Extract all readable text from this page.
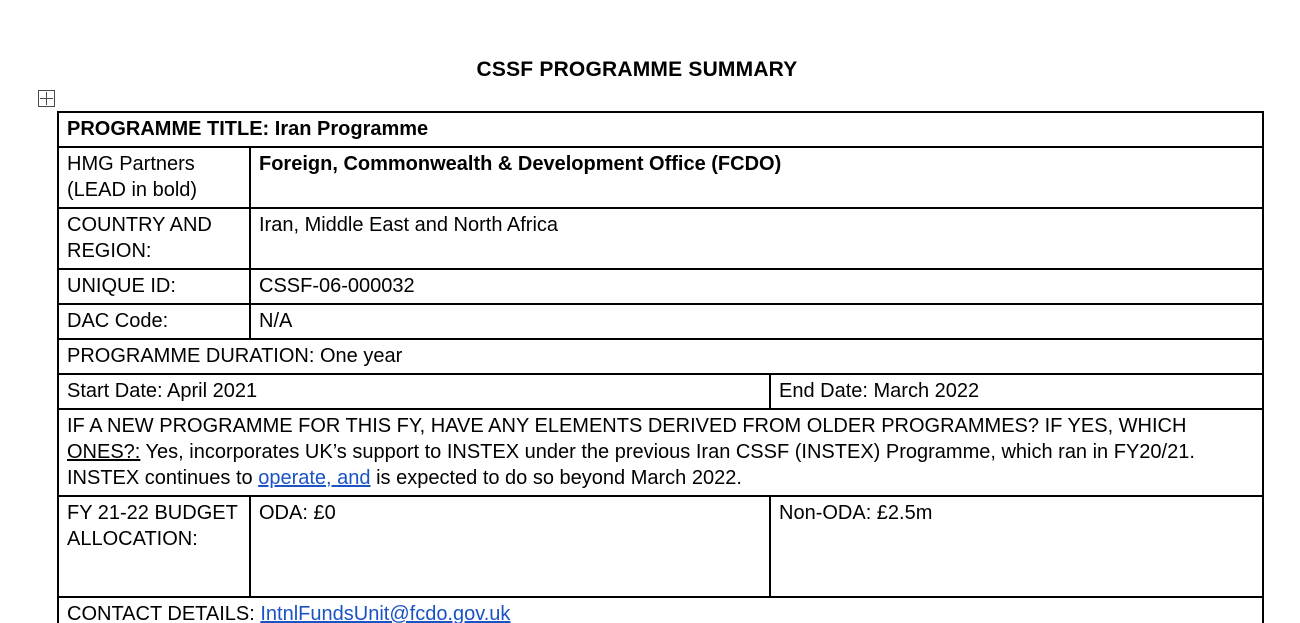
CSSF PROGRAMME SUMMARY
PROGRAMME TITLE: Iran Programme		
HMG Partners (LEAD in bold)	Foreign, Commonwealth & Development Office (FCDO)	
COUNTRY AND REGION:	Iran, Middle East and North Africa	
UNIQUE ID:	CSSF-06-000032	
DAC Code:	N/A	
PROGRAMME DURATION: One year		
Start Date: April 2021		End Date: March 2022
IF A NEW PROGRAMME FOR THIS FY, HAVE ANY ELEMENTS DERIVED FROM OLDER PROGRAMMES? IF YES, WHICH ONES?: Yes, incorporates UK’s support to INSTEX under the previous Iran CSSF (INSTEX) Programme, which ran in FY20/21. INSTEX continues to operate, and is expected to do so beyond March 2022.		
FY 21-22 BUDGET ALLOCATION:	ODA: £0	Non-ODA: £2.5m
CONTACT DETAILS: IntnlFundsUnit@fcdo.gov.uk		
